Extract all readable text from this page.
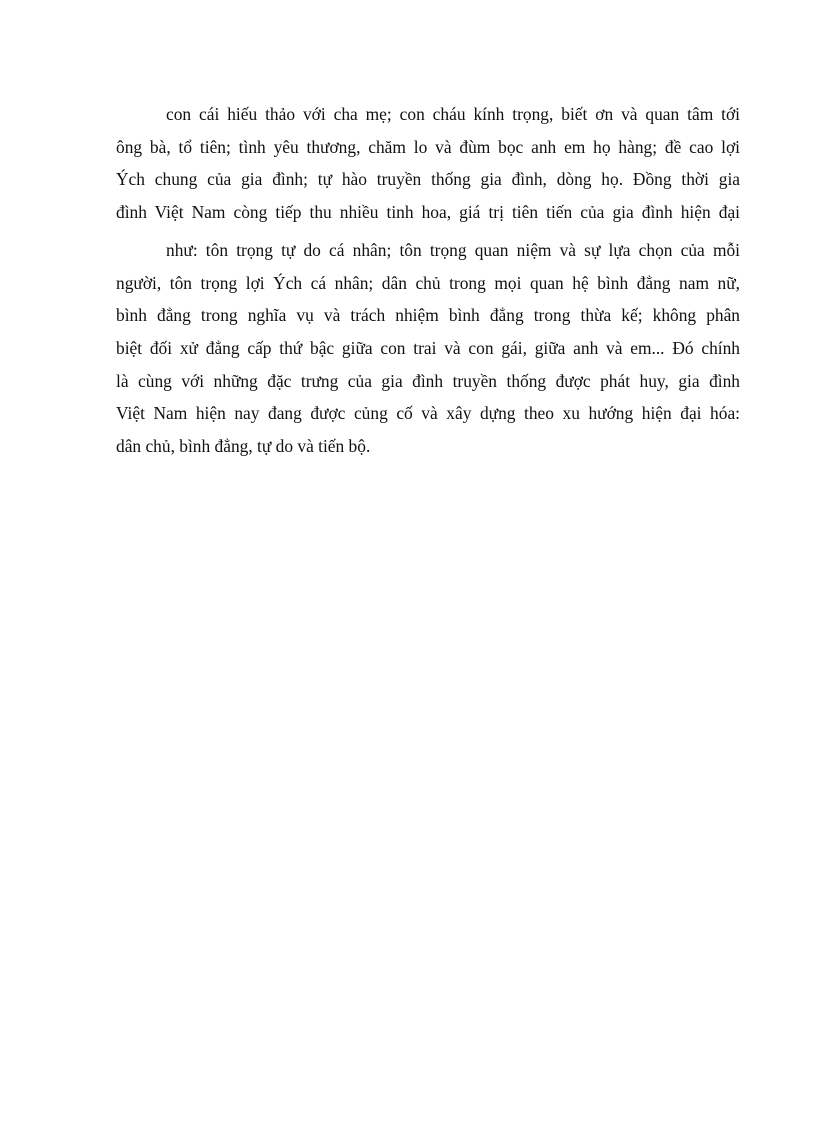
con cái hiếu thảo với cha mẹ; con cháu kính trọng, biết ơn và quan tâm tới
ông bà, tổ tiên; tình yêu thương, chăm lo và đùm bọc anh em họ hàng; đề cao lợi
Ých chung của gia đình; tự hào truyền thống gia đình, dòng họ. Đồng thời gia
đình Việt Nam còng tiếp thu nhiều tinh hoa, giá trị tiên tiến của gia đình hiện đại
như: tôn trọng tự do cá nhân; tôn trọng quan niệm và sự lựa chọn của mỗi
người, tôn trọng lợi Ých cá nhân; dân chủ trong mọi quan hệ bình đẳng nam nữ,
bình đẳng trong nghĩa vụ và trách nhiệm bình đẳng trong thừa kế; không phân
biệt đối xử đẳng cấp thứ bậc giữa con trai và con gái, giữa anh và em... Đó chính
là cùng với những đặc trưng của gia đình truyền thống được phát huy, gia đình
Việt Nam hiện nay đang được củng cố và xây dựng theo xu hướng hiện đại hóa:
dân chủ, bình đẳng, tự do và tiến bộ.
